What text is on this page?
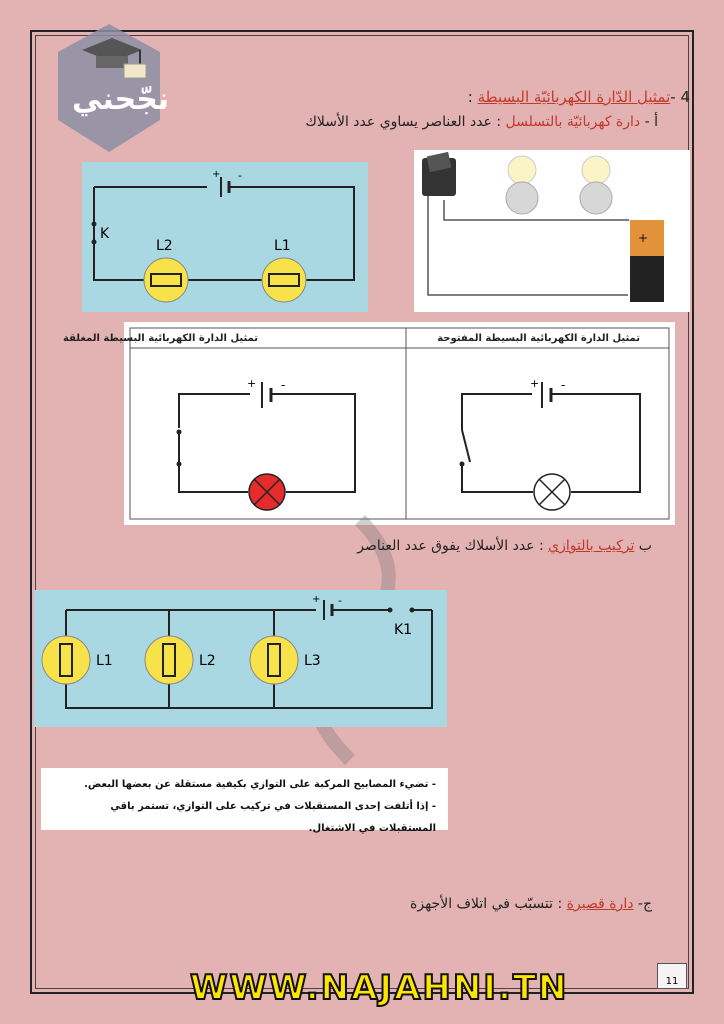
نجّحني	4 -تمثيل الدّارة الكهربائيّة البسيطة :
أ - دارة كهربائيّة بالتسلسل : عدد العناصر يساوي عدد الأسلاك
+ -
K
L2	L1	+
+ -	+ -
تمثيل الدارة الكهربائية البسيطة المغلقة	تمثيل الدارة الكهربائية البسيطة المفتوحة
ب تركيب بالتوازي : عدد الأسلاك يفوق عدد العناصر
+ -
K1
L1	L2	L3
- تضيء المصابيح المركبة على التوازي بكيفية مستقلة عن بعضها البعض.
- إذا أتلفت إحدى المستقبلات في تركيب على التوازي، تستمر باقي المستقبلات في الاشتغال.
ج- دارة قصيرة : تتسبّب في اتلاف الأجهزة
WWW.NAJAHNI.TN	11
